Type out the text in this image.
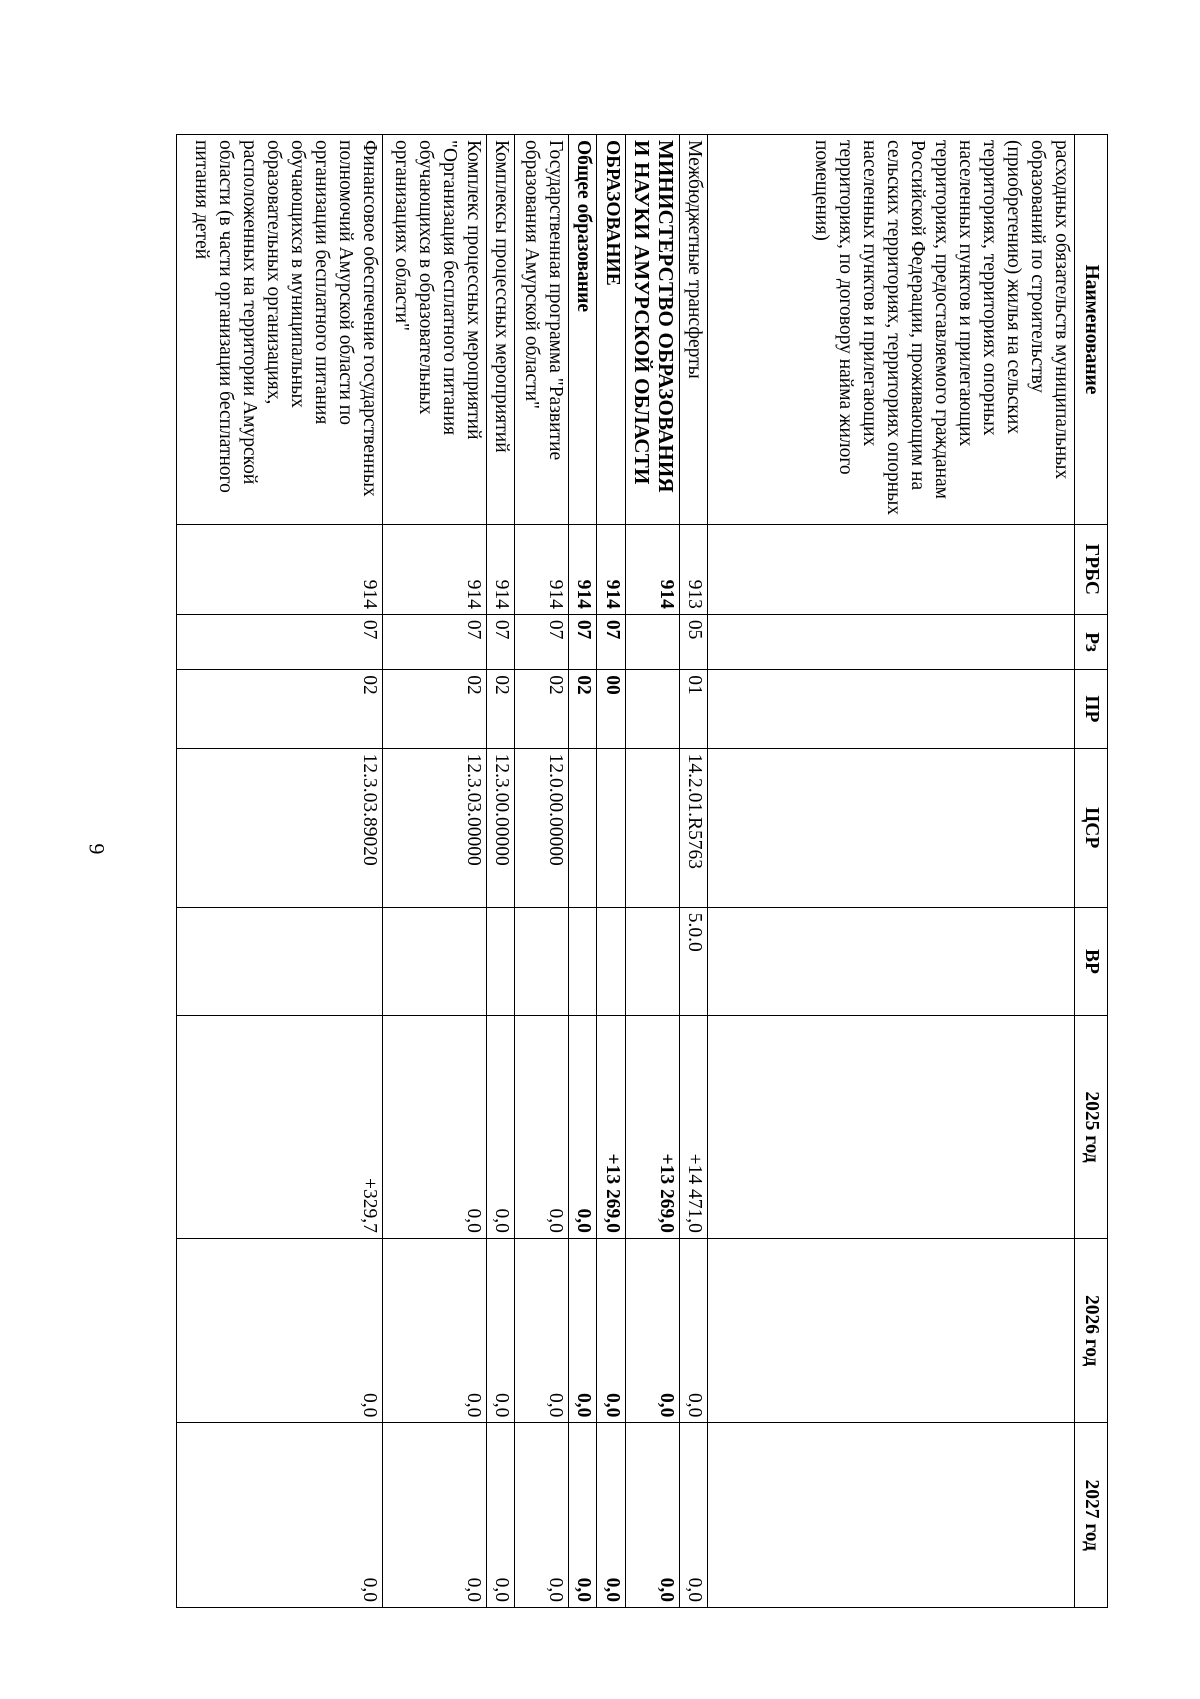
6
Наименование	ГРБС	Рз	ПР	ЦСР	ВР	2025 год	2026 год	2027 год
расходных обязательств муниципальных образований по строительству (приобретению) жилья на сельских территориях, территориях опорных населенных пунктов и прилегающих территориях, предоставляемого гражданам Российской Федерации, проживающим на сельских территориях, территориях опорных населенных пунктов и прилегающих территориях, по договору найма жилого помещения)								
Межбюджетные трансферты	913	05	01	14.2.01.R5763	5.0.0	+14 471,0	0,0	0,0

МИНИСТЕРСТВО ОБРАЗОВАНИЯ
И НАУКИ АМУРСКОЙ ОБЛАСТИ	914					+13 269,0	0,0	0,0
ОБРАЗОВАНИЕ	914	07	00			+13 269,0	0,0	0,0
Общее образование	914	07	02			0,0	0,0	0,0
Государственная программа "Развитие образования Амурской области"	914	07	02	12.0.00.00000		0,0	0,0	0,0
Комплексы процессных мероприятий	914	07	02	12.3.00.00000		0,0	0,0	0,0
Комплекс процессных мероприятий "Организация бесплатного питания обучающихся в образовательных организациях области"	914	07	02	12.3.03.00000		0,0	0,0	0,0
Финансовое обеспечение государственных полномочий Амурской области по организации бесплатного питания обучающихся в муниципальных образовательных организациях, расположенных на территории Амурской области (в части организации бесплатного питания детей	914	07	02	12.3.03.89020		+329,7	0,0	0,0
